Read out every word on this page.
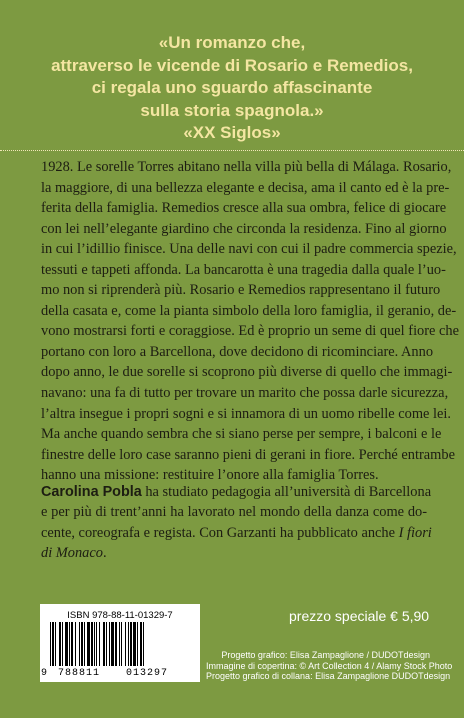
«Un romanzo che,
attraverso le vicende di Rosario e Remedios,
ci regala uno sguardo affascinante
sulla storia spagnola.»
«XX Siglos»
1928. Le sorelle Torres abitano nella villa più bella di Málaga. Rosario,
la maggiore, di una bellezza elegante e decisa, ama il canto ed è la pre-
ferita della famiglia. Remedios cresce alla sua ombra, felice di giocare
con lei nell’elegante giardino che circonda la residenza. Fino al giorno
in cui l’idillio finisce. Una delle navi con cui il padre commercia spezie,
tessuti e tappeti affonda. La bancarotta è una tragedia dalla quale l’uo-
mo non si riprenderà più. Rosario e Remedios rappresentano il futuro
della casata e, come la pianta simbolo della loro famiglia, il geranio, de-
vono mostrarsi forti e coraggiose. Ed è proprio un seme di quel fiore che
portano con loro a Barcellona, dove decidono di ricominciare. Anno
dopo anno, le due sorelle si scoprono più diverse di quello che immagi-
navano: una fa di tutto per trovare un marito che possa darle sicurezza,
l’altra insegue i propri sogni e si innamora di un uomo ribelle come lei.
Ma anche quando sembra che si siano perse per sempre, i balconi e le
finestre delle loro case saranno pieni di gerani in fiore. Perché entrambe
hanno una missione: restituire l’onore alla famiglia Torres.
Carolina Pobla ha studiato pedagogia all’università di Barcellona
e per più di trent’anni ha lavorato nel mondo della danza come do-
cente, coreografa e regista. Con Garzanti ha pubblicato anche I fiori
di Monaco.
ISBN 978-88-11-01329-7
9 788811	013297
prezzo speciale € 5,90
Progetto grafico: Elisa Zampaglione / DUDOTdesign
Immagine di copertina: © Art Collection 4 / Alamy Stock Photo
Progetto grafico di collana: Elisa Zampaglione DUDOTdesign
